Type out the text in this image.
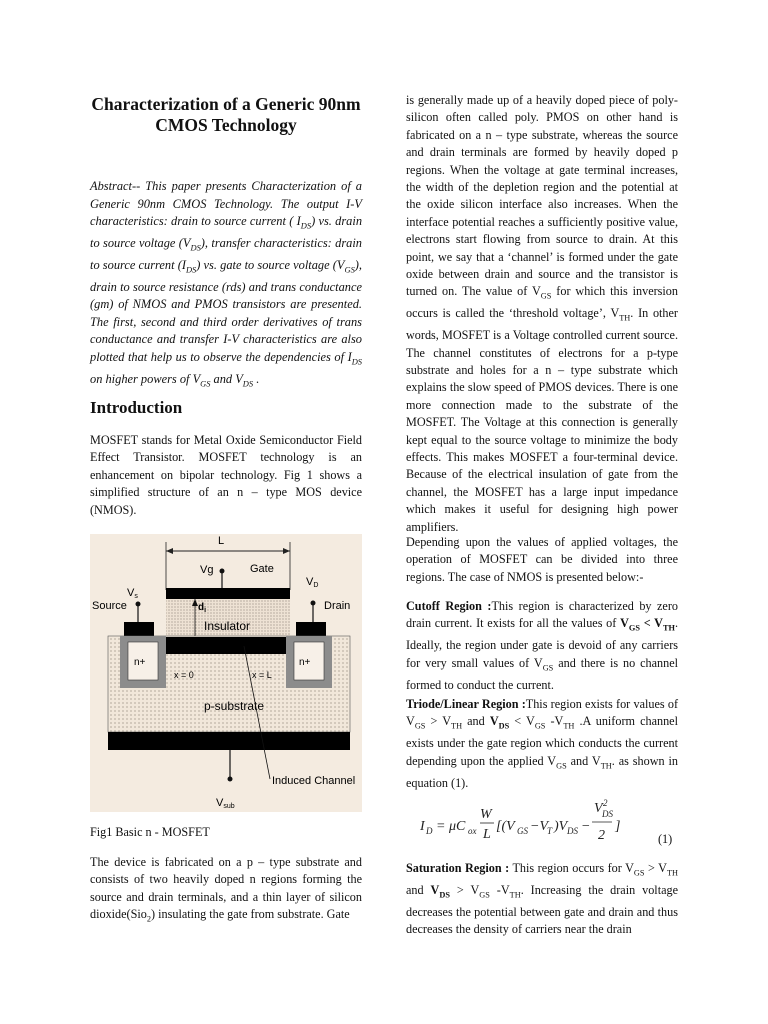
Characterization of a Generic 90nm CMOS Technology

Abstract-- This paper presents Characterization of a Generic 90nm CMOS Technology. The output I-V characteristics: drain to source current ( $I_{DS}$) vs. drain to source voltage $(V_{DS})$, transfer characteristics: drain to source current $(I_{DS})$ vs. gate to source voltage $(V_{GS})$, drain to source resistance (rds) and trans conductance (gm) of NMOS and PMOS transistors are presented. The first, second and third order derivatives of trans conductance and transfer I-V characteristics are also plotted that help us to observe the dependencies of $I_{DS}$ on higher powers of $V_{GS}$ and $V_{DS}$ .

Introduction

MOSFET stands for Metal Oxide Semiconductor Field Effect Transistor. MOSFET technology is an enhancement on bipolar technology. Fig 1 shows a simplified structure of an n – type MOS device (NMOS).

L
Vg	Gate
Insulator
$d_i$
Vs
Source
VD
Drain
n+	n+
x = 0	x = L
p-substrate
Vsub
Induced Channel

Fig1 Basic n - MOSFET

The device is fabricated on a p – type substrate and consists of two heavily doped n regions forming the source and drain terminals, and a thin layer of silicon dioxide(Sio$_2$) insulating the gate from substrate. Gate

is generally made up of a heavily doped piece of poly-silicon often called poly. PMOS on other hand is fabricated on a n – type substrate, whereas the source and drain terminals are formed by heavily doped p regions. When the voltage at gate terminal increases, the width of the depletion region and the potential at the oxide silicon interface also increases. When the interface potential reaches a sufficiently positive value, electrons start flowing from source to drain. At this point, we say that a ‘channel’ is formed under the gate oxide between drain and source and the transistor is turned on. The value of $V_{GS}$ for which this inversion occurs is called the ‘threshold voltage’, $V_{TH}$. In other words, MOSFET is a Voltage controlled current source. The channel constitutes of electrons for a p-type substrate and holes for a n – type substrate which explains the slow speed of PMOS devices. There is one more connection made to the substrate of the MOSFET. The Voltage at this connection is generally kept equal to the source voltage to minimize the body effects. This makes MOSFET a four-terminal device. Because of the electrical insulation of gate from the channel, the MOSFET has a large input impedance which makes it useful for designing high power amplifiers.

Depending upon the values of applied voltages, the operation of MOSFET can be divided into three regions. The case of NMOS is presented below:-

Cutoff Region :This region is characterized by zero drain current. It exists for all the values of $V_{GS} < V_{TH}$. Ideally, the region under gate is devoid of any carriers for very small values of $V_{GS}$ and there is no channel formed to conduct the current.

Triode/Linear Region :This region exists for values of $V_{GS} > V_{TH}$ and $V_{DS} < V_{GS}$ $-V_{TH}$ .A uniform channel exists under the gate region which conducts the current depending upon the applied $V_{GS}$ and $V_{TH}$. as shown in equation (1).

I D = μC ox
W
L
[(V GS −V T )V DS −
V 2
DS
2
]
(1)

Saturation Region : This region occurs for $V_{GS} > V_{TH}$ and $V_{DS} > V_{GS}$ $-V_{TH}$. Increasing the drain voltage decreases the potential between gate and drain and thus decreases the density of carriers near the drain
